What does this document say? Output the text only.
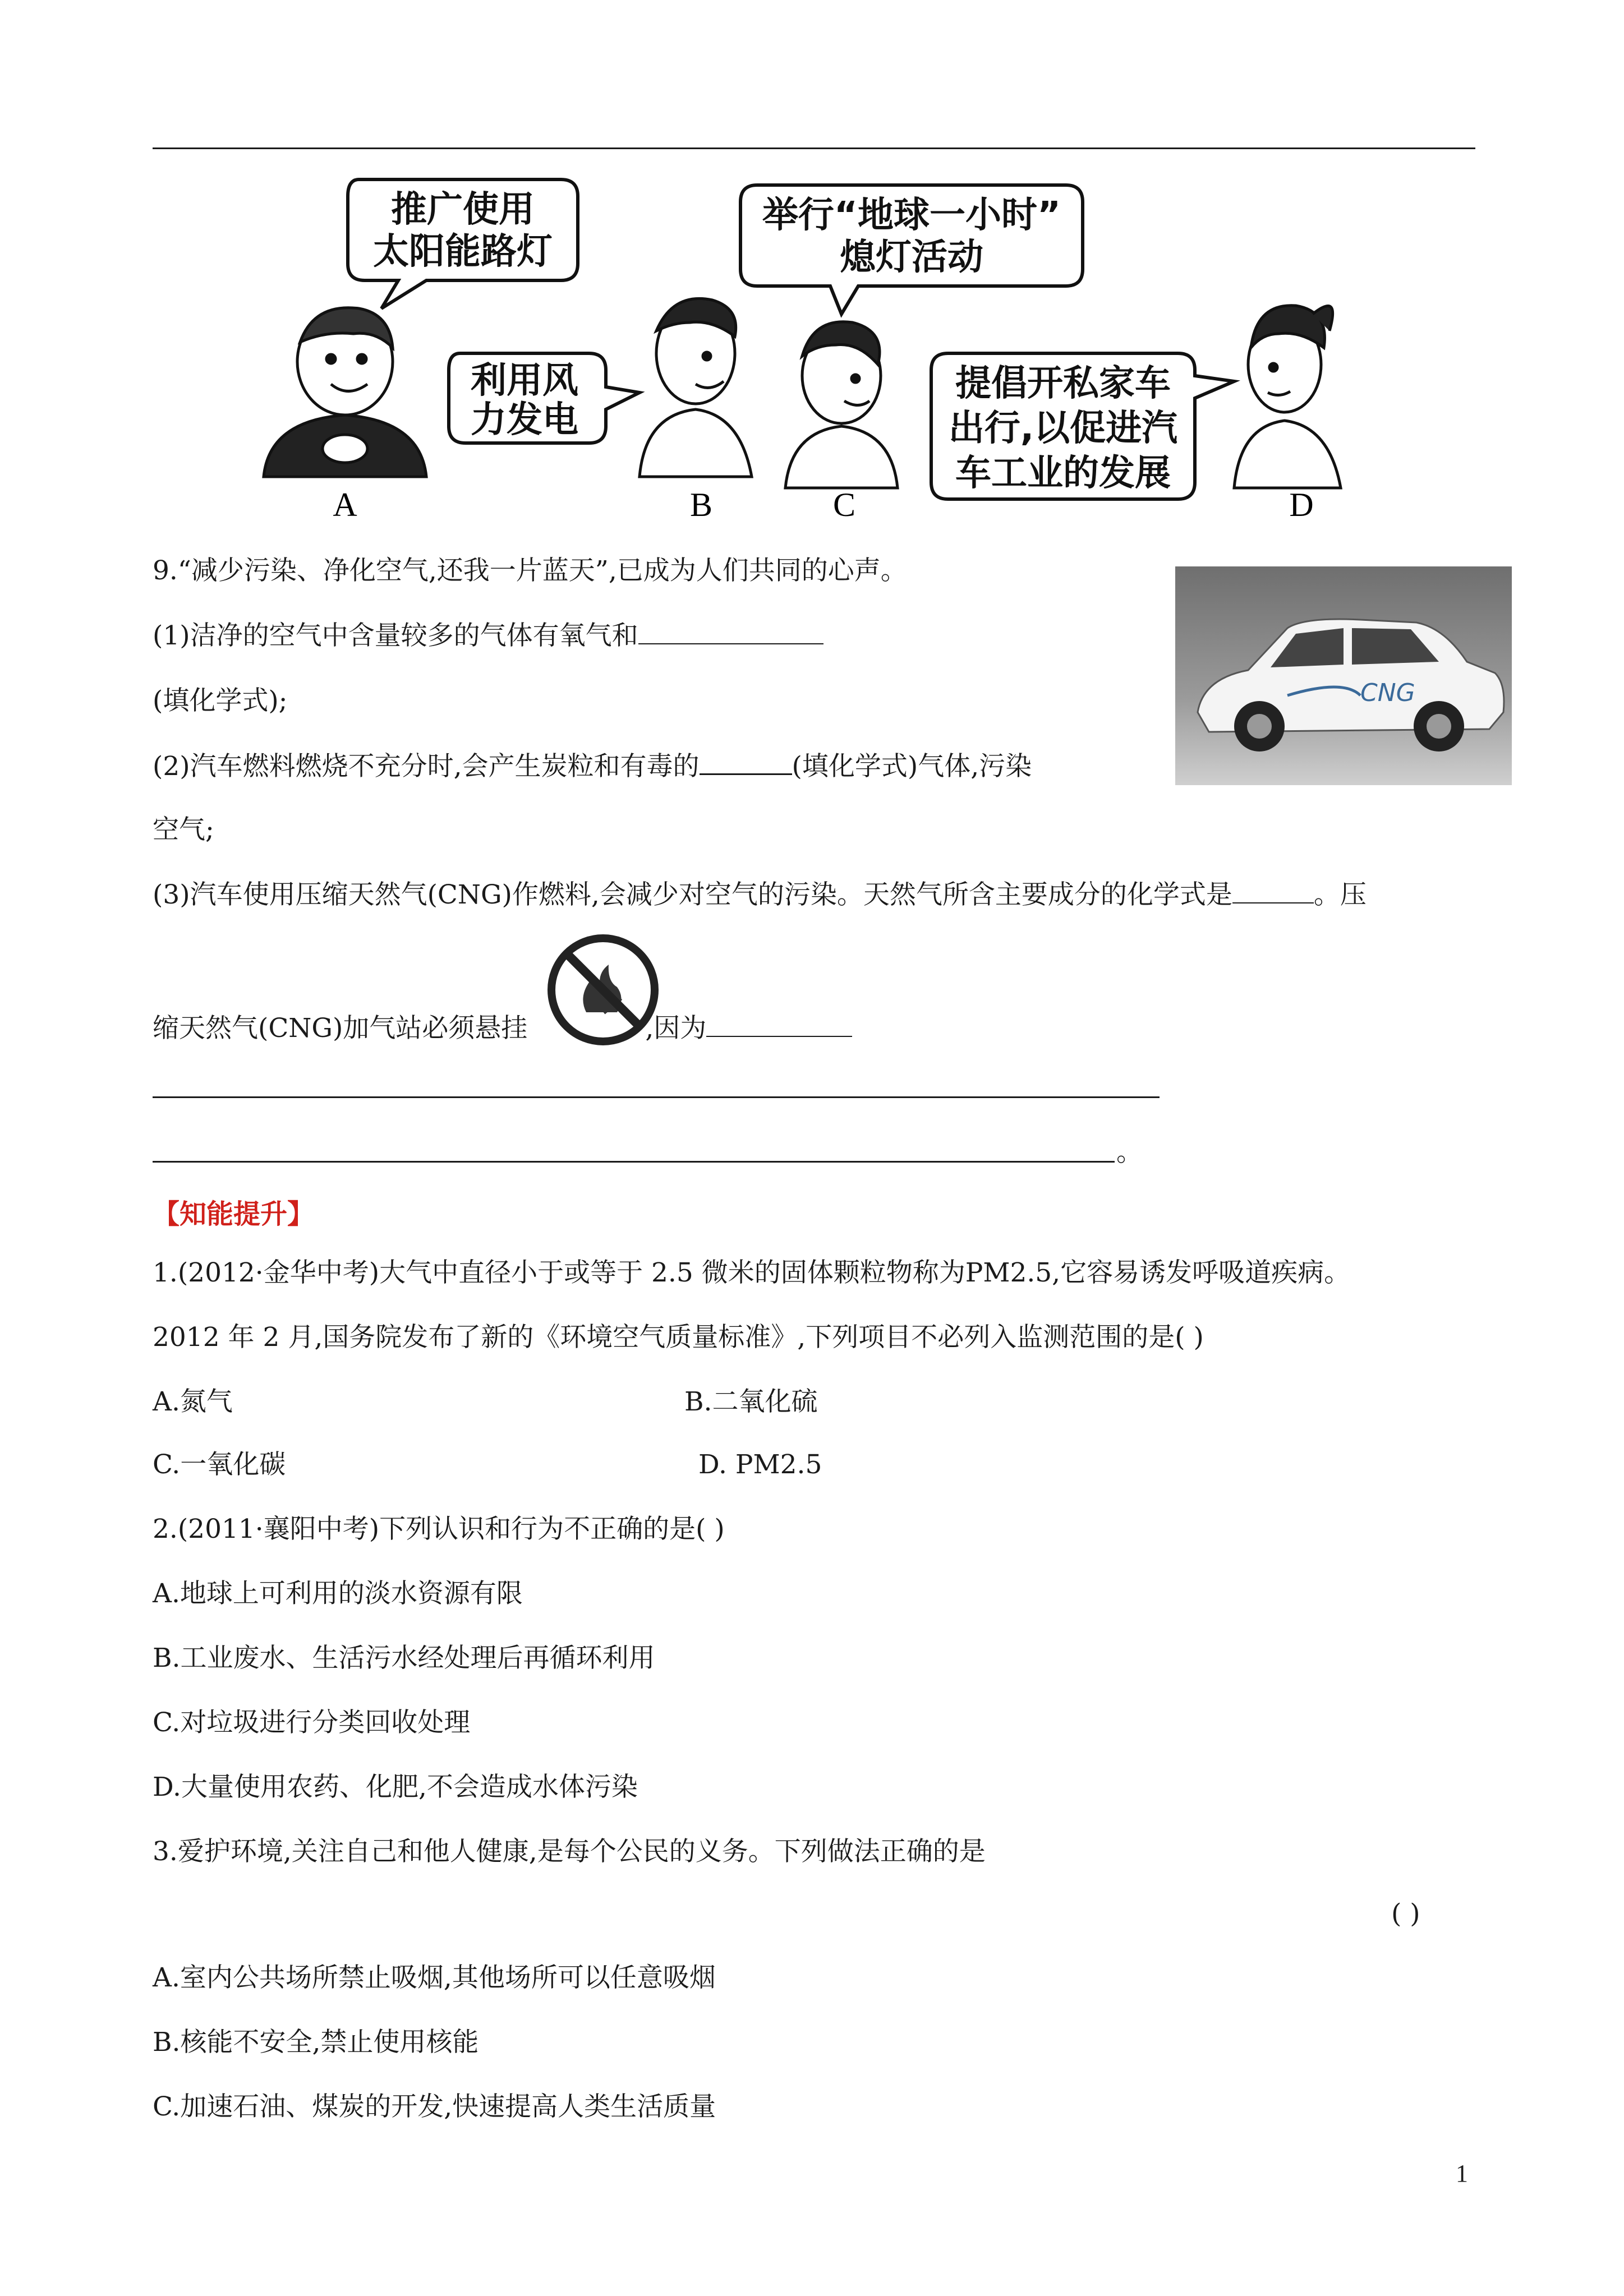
推广使用
太阳能路灯
利用风
力发电
举行“地球一小时”
熄灯活动
提倡开私家车
出行,以促进汽
车工业的发展
A	B	C	D
9.“减少污染、净化空气,还我一片蓝天”,已成为人们共同的心声。
CNG
(1)洁净的空气中含量较多的气体有氧气和
(填化学式);
(2)汽车燃料燃烧不充分时,会产生炭粒和有毒的	(填化学式)气体,污染
空气;
(3)汽车使用压缩天然气(CNG)作燃料,会减少对空气的污染。天然气所含主要成分的化学式是	。压
缩天然气(CNG)加气站必须悬挂	,因为
。
【知能提升】
1.(2012·金华中考)大气中直径小于或等于 2.5 微米的固体颗粒物称为PM2.5,它容易诱发呼吸道疾病。
2012 年 2 月,国务院发布了新的《环境空气质量标准》,下列项目不必列入监测范围的是( )
A.氮气	B.二氧化硫
C.一氧化碳	D. PM2.5
2.(2011·襄阳中考)下列认识和行为不正确的是( )
A.地球上可利用的淡水资源有限
B.工业废水、生活污水经处理后再循环利用
C.对垃圾进行分类回收处理
D.大量使用农药、化肥,不会造成水体污染
3.爱护环境,关注自己和他人健康,是每个公民的义务。下列做法正确的是
( )
A.室内公共场所禁止吸烟,其他场所可以任意吸烟
B.核能不安全,禁止使用核能
C.加速石油、煤炭的开发,快速提高人类生活质量
1
